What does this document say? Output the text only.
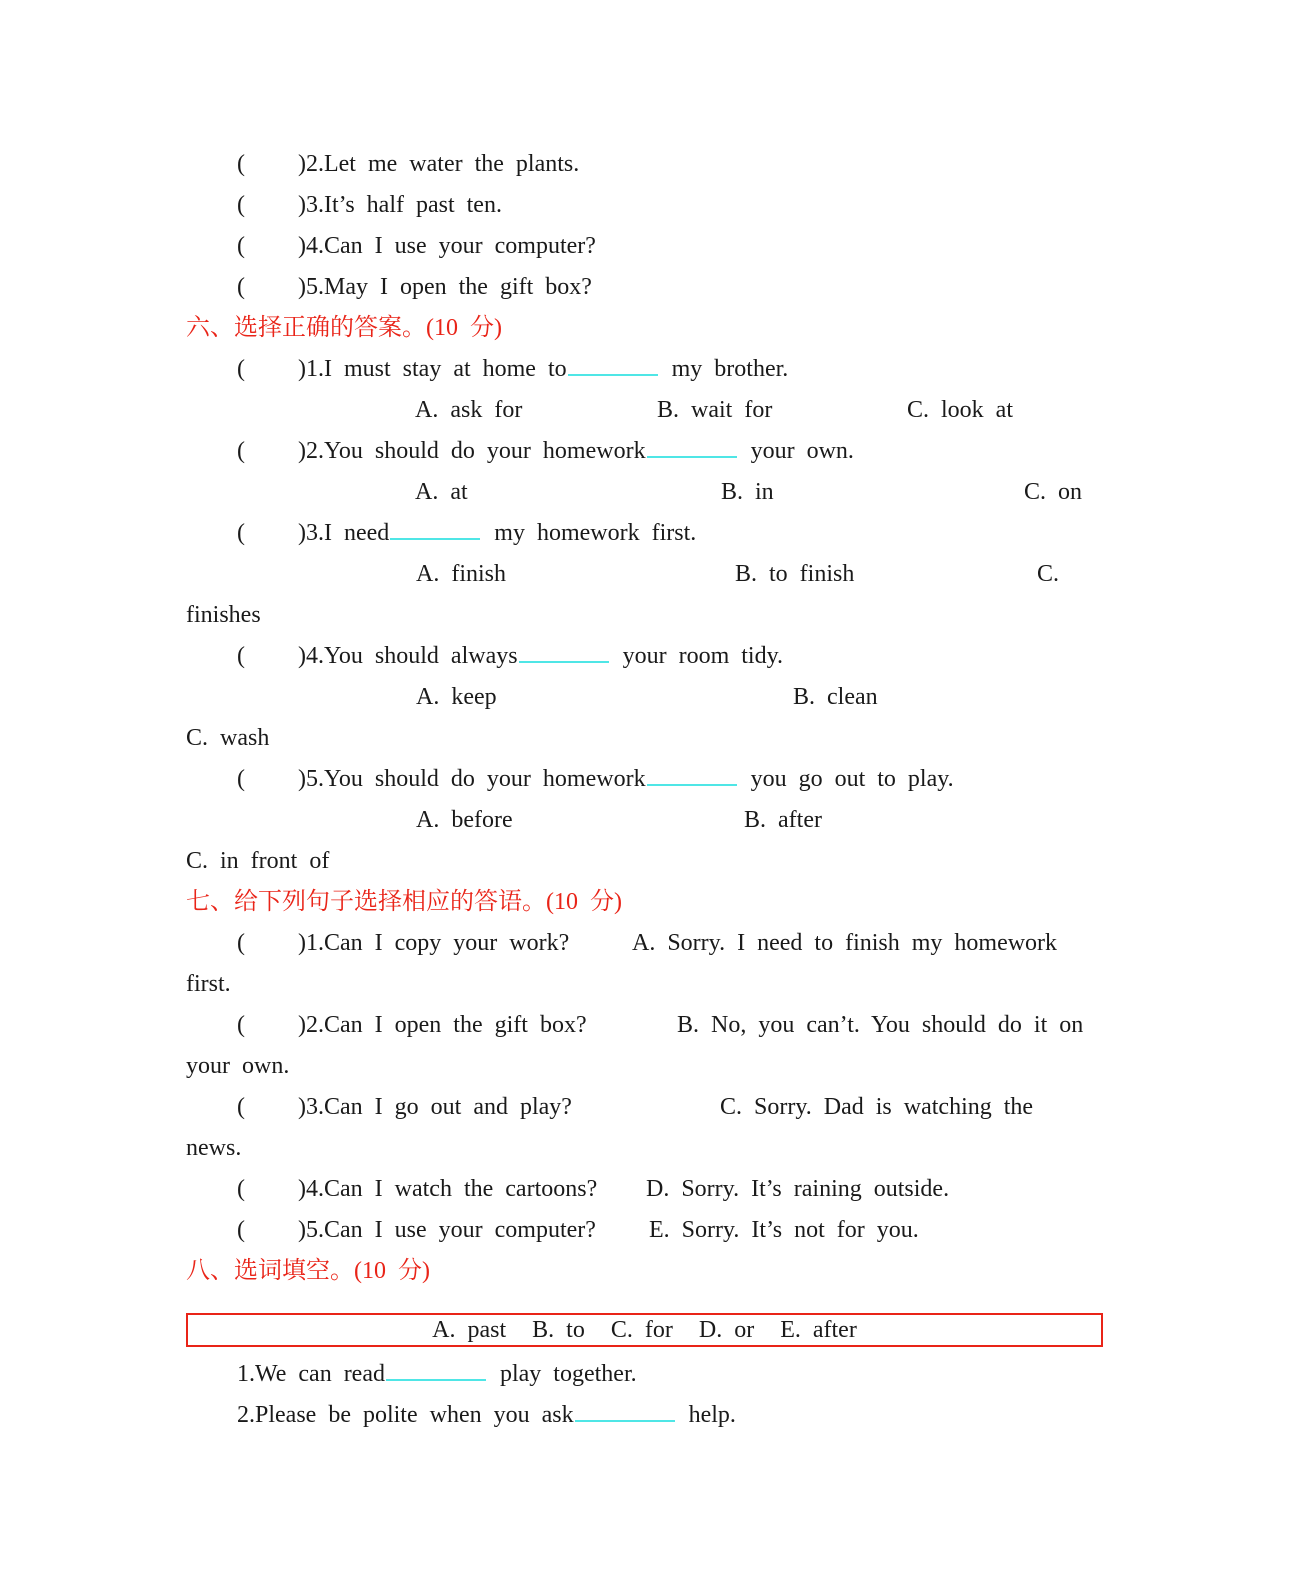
( )2.Let me water the plants.
( )3.It’s half past ten.
( )4.Can I use your computer?
( )5.May I open the gift box?
六、选择正确的答案。(10 分)
( )1.I must stay at home to	my brother.
A. ask for	B. wait for	C. look at
( )2.You should do your homework	your own.
A. at	B. in	C. on
( )3.I need	my homework first.
A. finish	B. to finish	C.
finishes
( )4.You should always	your room tidy.
A. keep	B. clean
C. wash
( )5.You should do your homework	you go out to play.
A. before	B. after
C. in front of
七、给下列句子选择相应的答语。(10 分)
( )1.Can I copy your work?	A. Sorry. I need to finish my homework
first.
( )2.Can I open the gift box?	B. No, you can’t. You should do it on
your own.
( )3.Can I go out and play?	C. Sorry. Dad is watching the
news.
( )4.Can I watch the cartoons? D. Sorry. It’s raining outside.
( )5.Can I use your computer? E. Sorry. It’s not for you.
八、选词填空。(10 分)
A. past B. to C. for D. or E. after
1.We can read	play together.
2.Please be polite when you ask	help.
